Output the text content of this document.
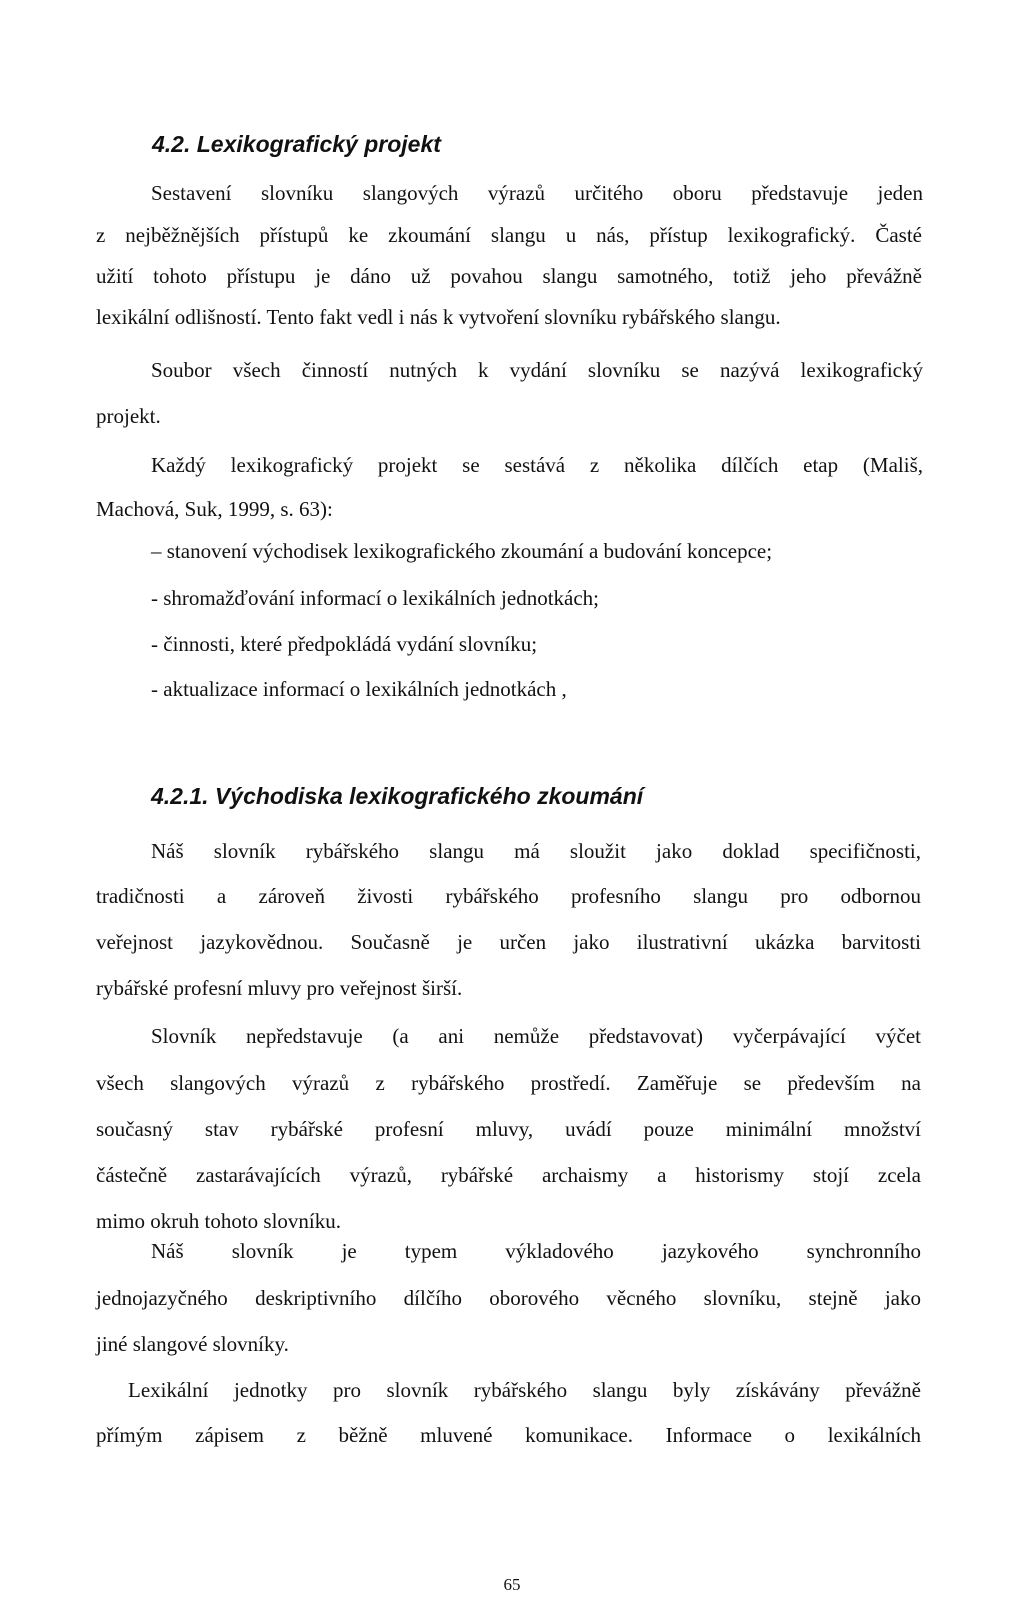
4.2. Lexikografický projekt
Sestavení slovníku slangových výrazů určitého oboru představuje jeden
z nejběžnějších přístupů ke zkoumání slangu u nás, přístup lexikografický. Časté
užití tohoto přístupu je dáno už povahou slangu samotného, totiž jeho převážně
lexikální odlišností. Tento fakt vedl i nás k vytvoření slovníku rybářského slangu.
Soubor všech činností nutných k vydání slovníku se nazývá lexikografický
projekt.
Každý lexikografický projekt se sestává z několika dílčích etap (Mališ,
Machová, Suk, 1999, s. 63):
– stanovení východisek lexikografického zkoumání a budování koncepce;
- shromažďování informací o lexikálních jednotkách;
- činnosti, které předpokládá vydání slovníku;
- aktualizace informací o lexikálních jednotkách ,
4.2.1. Východiska lexikografického zkoumání
Náš slovník rybářského slangu má sloužit jako doklad specifičnosti,
tradičnosti a zároveň živosti rybářského profesního slangu pro odbornou
veřejnost jazykovědnou. Současně je určen jako ilustrativní ukázka barvitosti
rybářské profesní mluvy pro veřejnost širší.
Slovník nepředstavuje (a ani nemůže představovat) vyčerpávající výčet
všech slangových výrazů z rybářského prostředí. Zaměřuje se především na
současný stav rybářské profesní mluvy, uvádí pouze minimální množství
částečně zastarávajících výrazů, rybářské archaismy a historismy stojí zcela
mimo okruh tohoto slovníku.
Náš slovník je typem výkladového jazykového synchronního
jednojazyčného deskriptivního dílčího oborového věcného slovníku, stejně jako
jiné slangové slovníky.
Lexikální jednotky pro slovník rybářského slangu byly získávány převážně
přímým zápisem z běžně mluvené komunikace. Informace o lexikálních
65
